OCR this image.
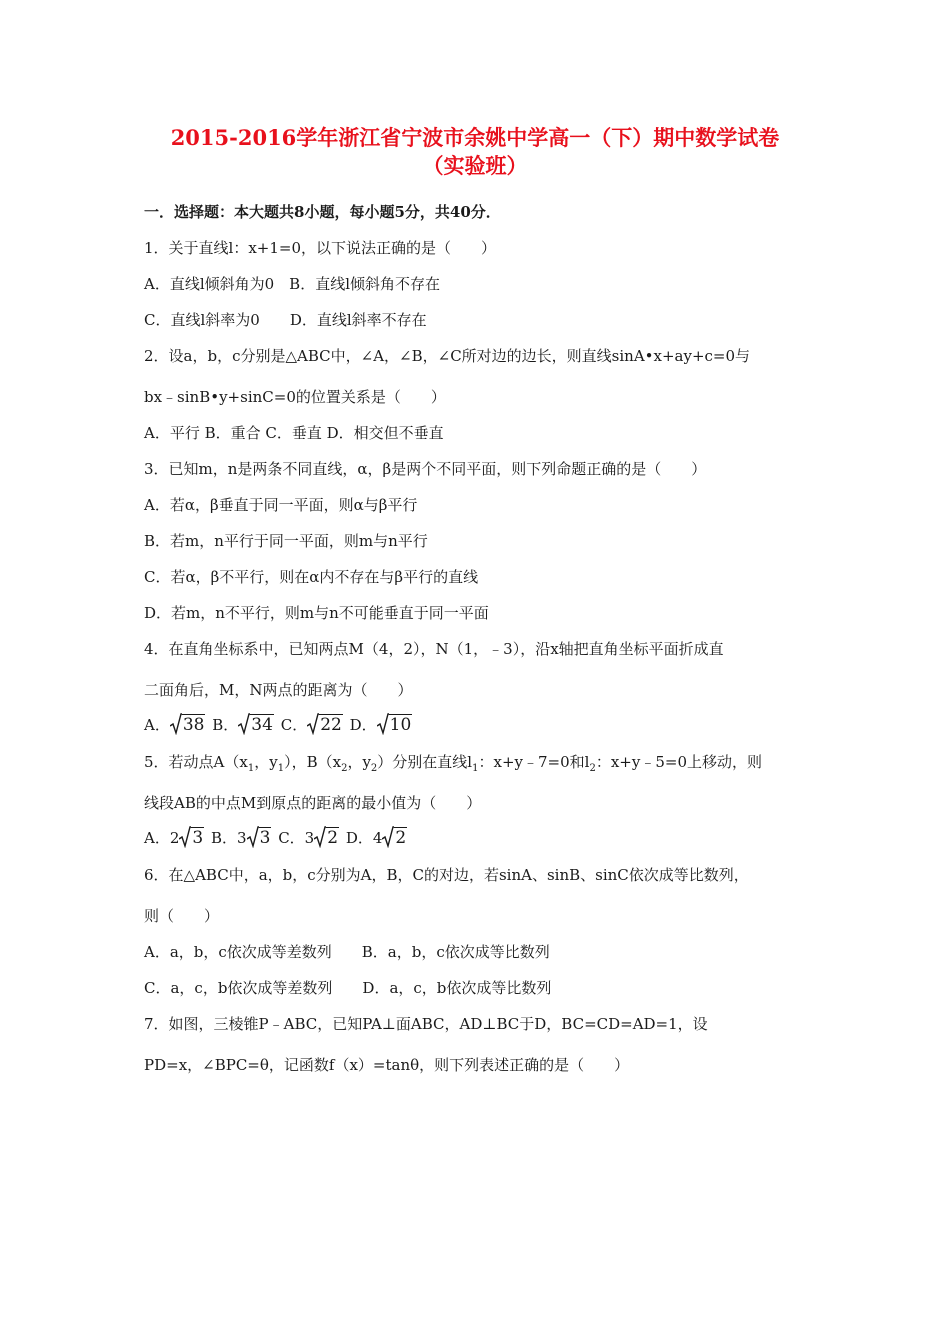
2015-2016学年浙江省宁波市余姚中学高一（下）期中数学试卷
（实验班）
一．选择题：本大题共8小题，每小题5分，共40分．
1．关于直线l：x+1=0，以下说法正确的是（　　）
A．直线l倾斜角为0　B．直线l倾斜角不存在
C．直线l斜率为0　　D．直线l斜率不存在
2．设a，b，c分别是△ABC中，∠A，∠B，∠C所对边的边长，则直线sinA•x+ay+c=0与
bx﹣sinB•y+sinC=0的位置关系是（　　）
A．平行 B．重合 C．垂直 D．相交但不垂直
3．已知m，n是两条不同直线，α，β是两个不同平面，则下列命题正确的是（　　）
A．若α，β垂直于同一平面，则α与β平行
B．若m，n平行于同一平面，则m与n平行
C．若α，β不平行，则在α内不存在与β平行的直线
D．若m，n不平行，则m与n不可能垂直于同一平面
4．在直角坐标系中，已知两点M（4，2），N（1，﹣3），沿x轴把直角坐标平面折成直
二面角后，M，N两点的距离为（　　）
A． 38 B． 34 C． 22 D． 10
5．若动点$A(x_1$，$y_1$），$B(x_2$，$y_2$）分别在直线$l_1$：x+y﹣7=0和$l_2$：x+y﹣5=0上移动，则
线段AB的中点M到原点的距离的最小值为（　　）
A．2 3 B．3 3 C．3 2 D．4 2
6．在△ABC中，a，b，c分别为A，B，C的对边，若sinA、sinB、sinC依次成等比数列，
则（　　）
A．a，b，c依次成等差数列　　B．a，b，c依次成等比数列
C．a，c，b依次成等差数列　　D．a，c，b依次成等比数列
7．如图，三棱锥P﹣ABC，已知PA⊥面ABC，AD⊥BC于D，BC=CD=AD=1，设
PD=x，∠BPC=θ，记函数f（x）=tanθ，则下列表述正确的是（　　）
